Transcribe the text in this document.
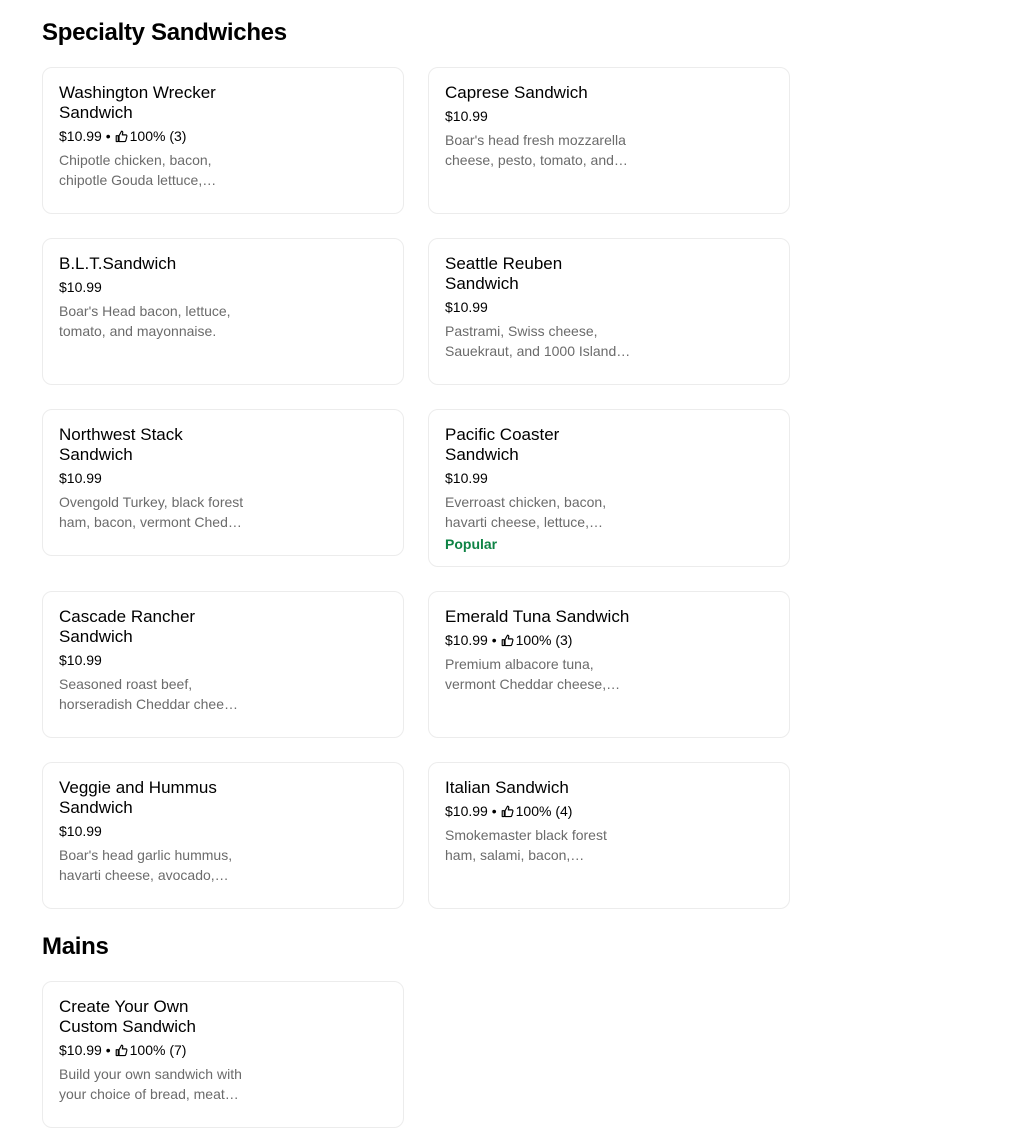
Specialty Sandwiches
Washington Wrecker Sandwich
$10.99 • 100% (3)
Chipotle chicken, bacon, chipotle Gouda lettuce,
Caprese Sandwich
$10.99
Boar's head fresh mozzarella cheese, pesto, tomato, and
B.L.T.Sandwich
$10.99
Boar's Head bacon, lettuce, tomato, and mayonnaise.
Seattle Reuben Sandwich
$10.99
Pastrami, Swiss cheese, Sauekraut, and 1000 Island
Northwest Stack Sandwich
$10.99
Ovengold Turkey, black forest ham, bacon, vermont Cheddar
Pacific Coaster Sandwich
$10.99
Everroast chicken, bacon, havarti cheese, lettuce,
Popular
Cascade Rancher Sandwich
$10.99
Seasoned roast beef, horseradish Cheddar cheese,
Emerald Tuna Sandwich
$10.99 • 100% (3)
Premium albacore tuna, vermont Cheddar cheese,
Veggie and Hummus Sandwich
$10.99
Boar's head garlic hummus, havarti cheese, avocado,
Italian Sandwich
$10.99 • 100% (4)
Smokemaster black forest ham, salami, bacon,
Mains
Create Your Own Custom Sandwich
$10.99 • 100% (7)
Build your own sandwich with your choice of bread, meats,
